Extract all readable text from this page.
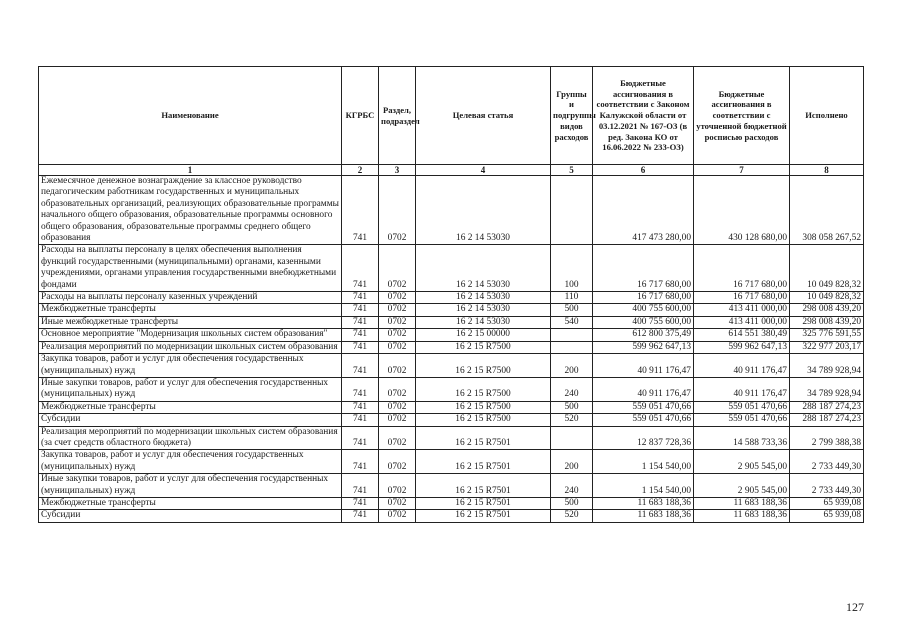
Наименование	КГРБС	Раздел, подраздел	Целевая статья	Группы и подгруппы видов расходов	Бюджетные ассигнования в соответствии с Законом Калужской области от 03.12.2021 № 167-ОЗ (в ред. Закона КО от 16.06.2022 № 233-ОЗ)	Бюджетные ассигнования в соответствии с уточненной бюджетной росписью расходов	Исполнено
1	2	3	4	5	6	7	8
Ежемесячное денежное вознаграждение за классное руководство педагогическим работникам государственных и муниципальных образовательных организаций, реализующих образовательные программы начального общего образования, образовательные программы основного общего образования, образовательные программы среднего общего образования	741	0702	16 2 14 53030		417 473 280,00	430 128 680,00	308 058 267,52
Расходы на выплаты персоналу в целях обеспечения выполнения функций государственными (муниципальными) органами, казенными учреждениями, органами управления государственными внебюджетными фондами	741	0702	16 2 14 53030	100	16 717 680,00	16 717 680,00	10 049 828,32
Расходы на выплаты персоналу казенных учреждений	741	0702	16 2 14 53030	110	16 717 680,00	16 717 680,00	10 049 828,32
Межбюджетные трансферты	741	0702	16 2 14 53030	500	400 755 600,00	413 411 000,00	298 008 439,20
Иные межбюджетные трансферты	741	0702	16 2 14 53030	540	400 755 600,00	413 411 000,00	298 008 439,20
Основное мероприятие "Модернизация школьных систем образования"	741	0702	16 2 15 00000		612 800 375,49	614 551 380,49	325 776 591,55
Реализация мероприятий по модернизации школьных систем образования	741	0702	16 2 15 R7500		599 962 647,13	599 962 647,13	322 977 203,17
Закупка товаров, работ и услуг для обеспечения государственных (муниципальных) нужд	741	0702	16 2 15 R7500	200	40 911 176,47	40 911 176,47	34 789 928,94
Иные закупки товаров, работ и услуг для обеспечения государственных (муниципальных) нужд	741	0702	16 2 15 R7500	240	40 911 176,47	40 911 176,47	34 789 928,94
Межбюджетные трансферты	741	0702	16 2 15 R7500	500	559 051 470,66	559 051 470,66	288 187 274,23
Субсидии	741	0702	16 2 15 R7500	520	559 051 470,66	559 051 470,66	288 187 274,23
Реализация мероприятий по модернизации школьных систем образования (за счет средств областного бюджета)	741	0702	16 2 15 R7501		12 837 728,36	14 588 733,36	2 799 388,38
Закупка товаров, работ и услуг для обеспечения государственных (муниципальных) нужд	741	0702	16 2 15 R7501	200	1 154 540,00	2 905 545,00	2 733 449,30
Иные закупки товаров, работ и услуг для обеспечения государственных (муниципальных) нужд	741	0702	16 2 15 R7501	240	1 154 540,00	2 905 545,00	2 733 449,30
Межбюджетные трансферты	741	0702	16 2 15 R7501	500	11 683 188,36	11 683 188,36	65 939,08
Субсидии	741	0702	16 2 15 R7501	520	11 683 188,36	11 683 188,36	65 939,08
127
